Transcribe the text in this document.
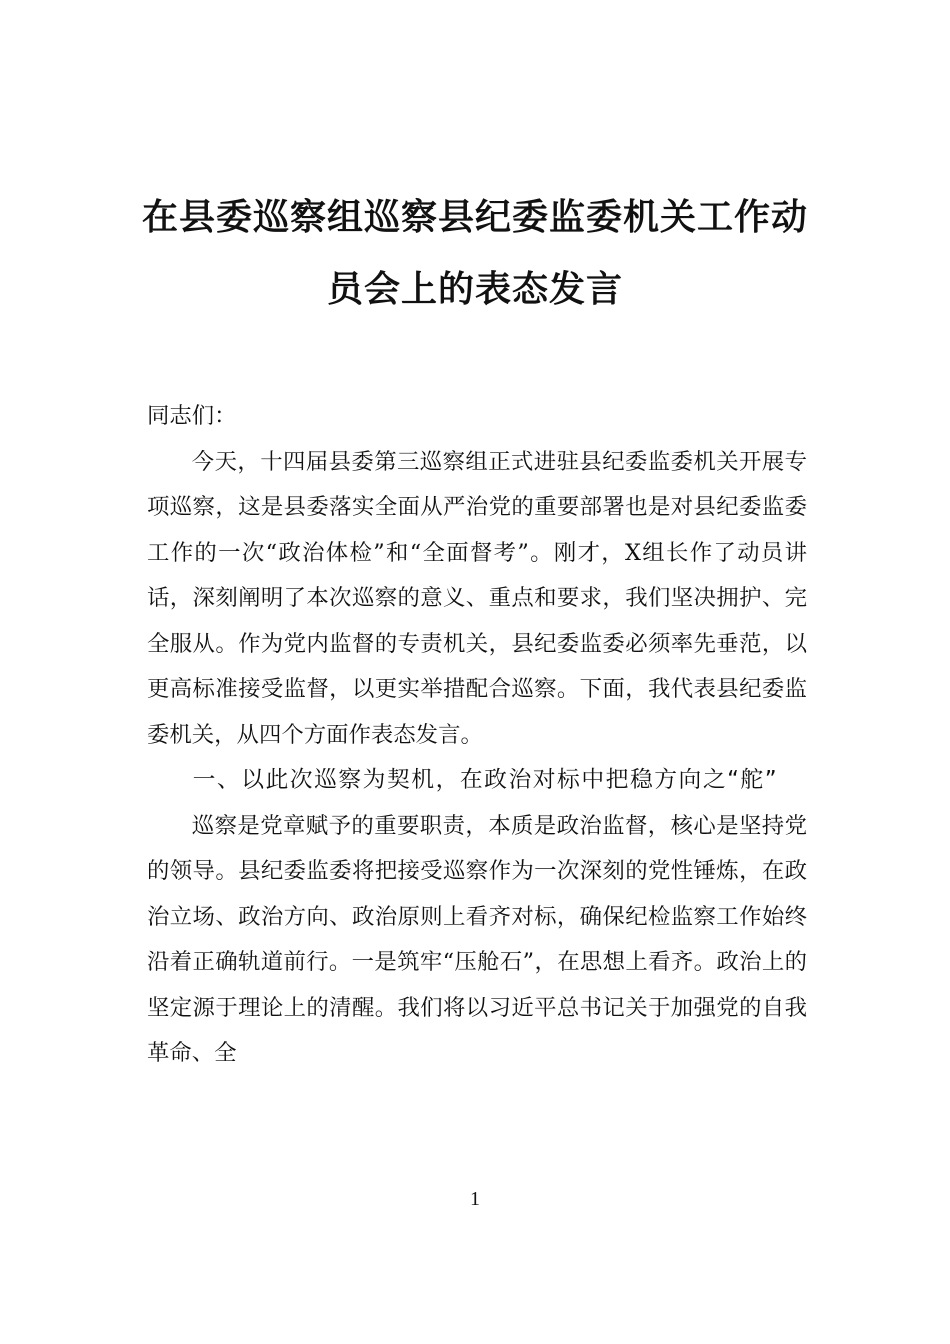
在县委巡察组巡察县纪委监委机关工作动
员会上的表态发言

同志们：

今天，十四届县委第三巡察组正式进驻县纪委监委机关开展专项巡察，这是县委落实全面从严治党的重要部署也是对县纪委监委工作的一次“政治体检”和“全面督考”。刚才，X组长作了动员讲话，深刻阐明了本次巡察的意义、重点和要求，我们坚决拥护、完全服从。作为党内监督的专责机关，县纪委监委必须率先垂范，以更高标准接受监督，以更实举措配合巡察。下面，我代表县纪委监委机关，从四个方面作表态发言。

一、以此次巡察为契机，在政治对标中把稳方向之“舵”

巡察是党章赋予的重要职责，本质是政治监督，核心是坚持党的领导。县纪委监委将把接受巡察作为一次深刻的党性锤炼，在政治立场、政治方向、政治原则上看齐对标，确保纪检监察工作始终沿着正确轨道前行。一是筑牢“压舱石”，在思想上看齐。政治上的坚定源于理论上的清醒。我们将以习近平总书记关于加强党的自我革命、全

1
